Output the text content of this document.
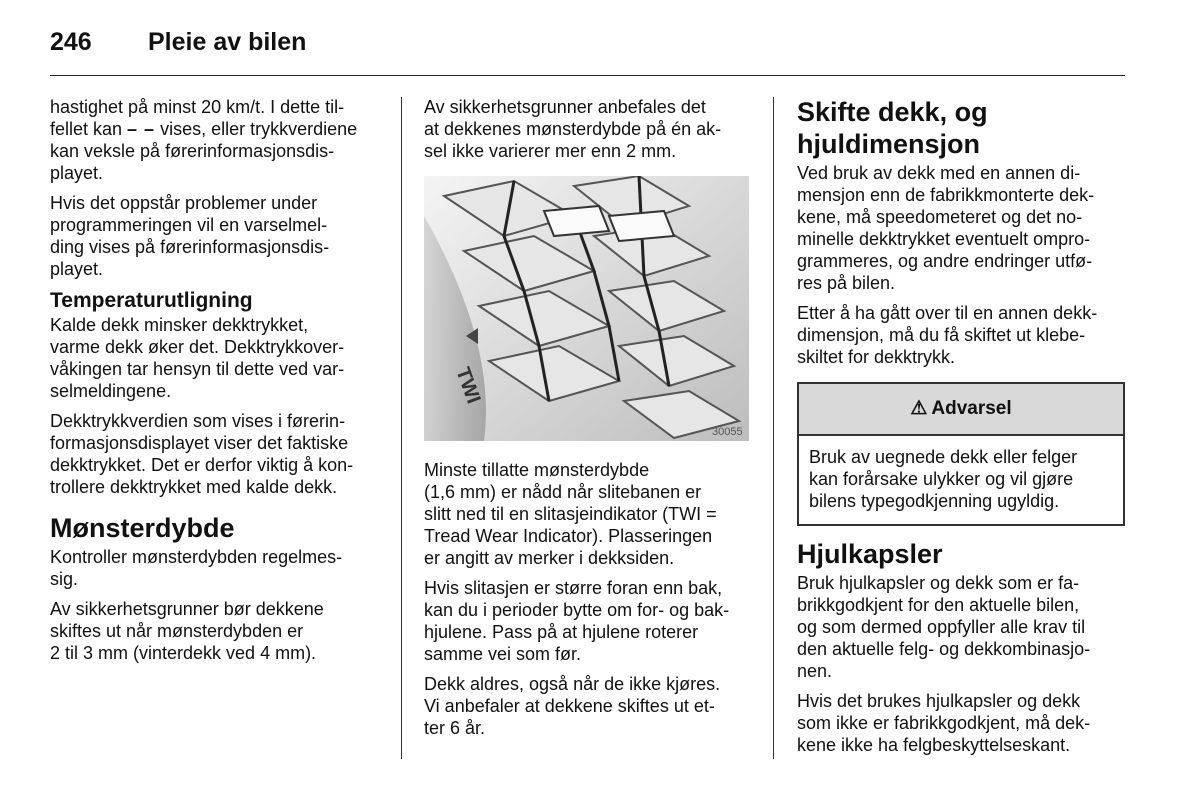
246 Pleie av bilen

hastighet på minst 20 km/t. I dette til-
fellet kan – – vises, eller trykkverdiene
kan veksle på førerinformasjonsdis-
playet.

Hvis det oppstår problemer under
programmeringen vil en varselmel-
ding vises på førerinformasjonsdis-
playet.

Temperaturutligning

Kalde dekk minsker dekktrykket,
varme dekk øker det. Dekktrykkover-
våkingen tar hensyn til dette ved var-
selmeldingene.

Dekktrykkverdien som vises i førerin-
formasjonsdisplayet viser det faktiske
dekktrykket. Det er derfor viktig å kon-
trollere dekktrykket med kalde dekk.

Mønsterdybde

Kontroller mønsterdybden regelmes-
sig.

Av sikkerhetsgrunner bør dekkene
skiftes ut når mønsterdybden er
2 til 3 mm (vinterdekk ved 4 mm).

Av sikkerhetsgrunner anbefales det
at dekkenes mønsterdybde på én ak-
sel ikke varierer mer enn 2 mm.

TWI
30055

Minste tillatte mønsterdybde
(1,6 mm) er nådd når slitebanen er
slitt ned til en slitasjeindikator (TWI =
Tread Wear Indicator). Plasseringen
er angitt av merker i dekksiden.

Hvis slitasjen er større foran enn bak,
kan du i perioder bytte om for- og bak-
hjulene. Pass på at hjulene roterer
samme vei som før.

Dekk aldres, også når de ikke kjøres.
Vi anbefaler at dekkene skiftes ut et-
ter 6 år.

Skifte dekk, og
hjuldimensjon

Ved bruk av dekk med en annen di-
mensjon enn de fabrikkmonterte dek-
kene, må speedometeret og det no-
minelle dekktrykket eventuelt ompro-
grammeres, og andre endringer utfø-
res på bilen.

Etter å ha gått over til en annen dekk-
dimensjon, må du få skiftet ut klebe-
skiltet for dekktrykk.

⚠ Advarsel
Bruk av uegnede dekk eller felger
kan forårsake ulykker og vil gjøre
bilens typegodkjenning ugyldig.
Hjulkapsler

Bruk hjulkapsler og dekk som er fa-
brikkgodkjent for den aktuelle bilen,
og som dermed oppfyller alle krav til
den aktuelle felg- og dekkombinasjo-
nen.

Hvis det brukes hjulkapsler og dekk
som ikke er fabrikkgodkjent, må dek-
kene ikke ha felgbeskyttelseskant.
